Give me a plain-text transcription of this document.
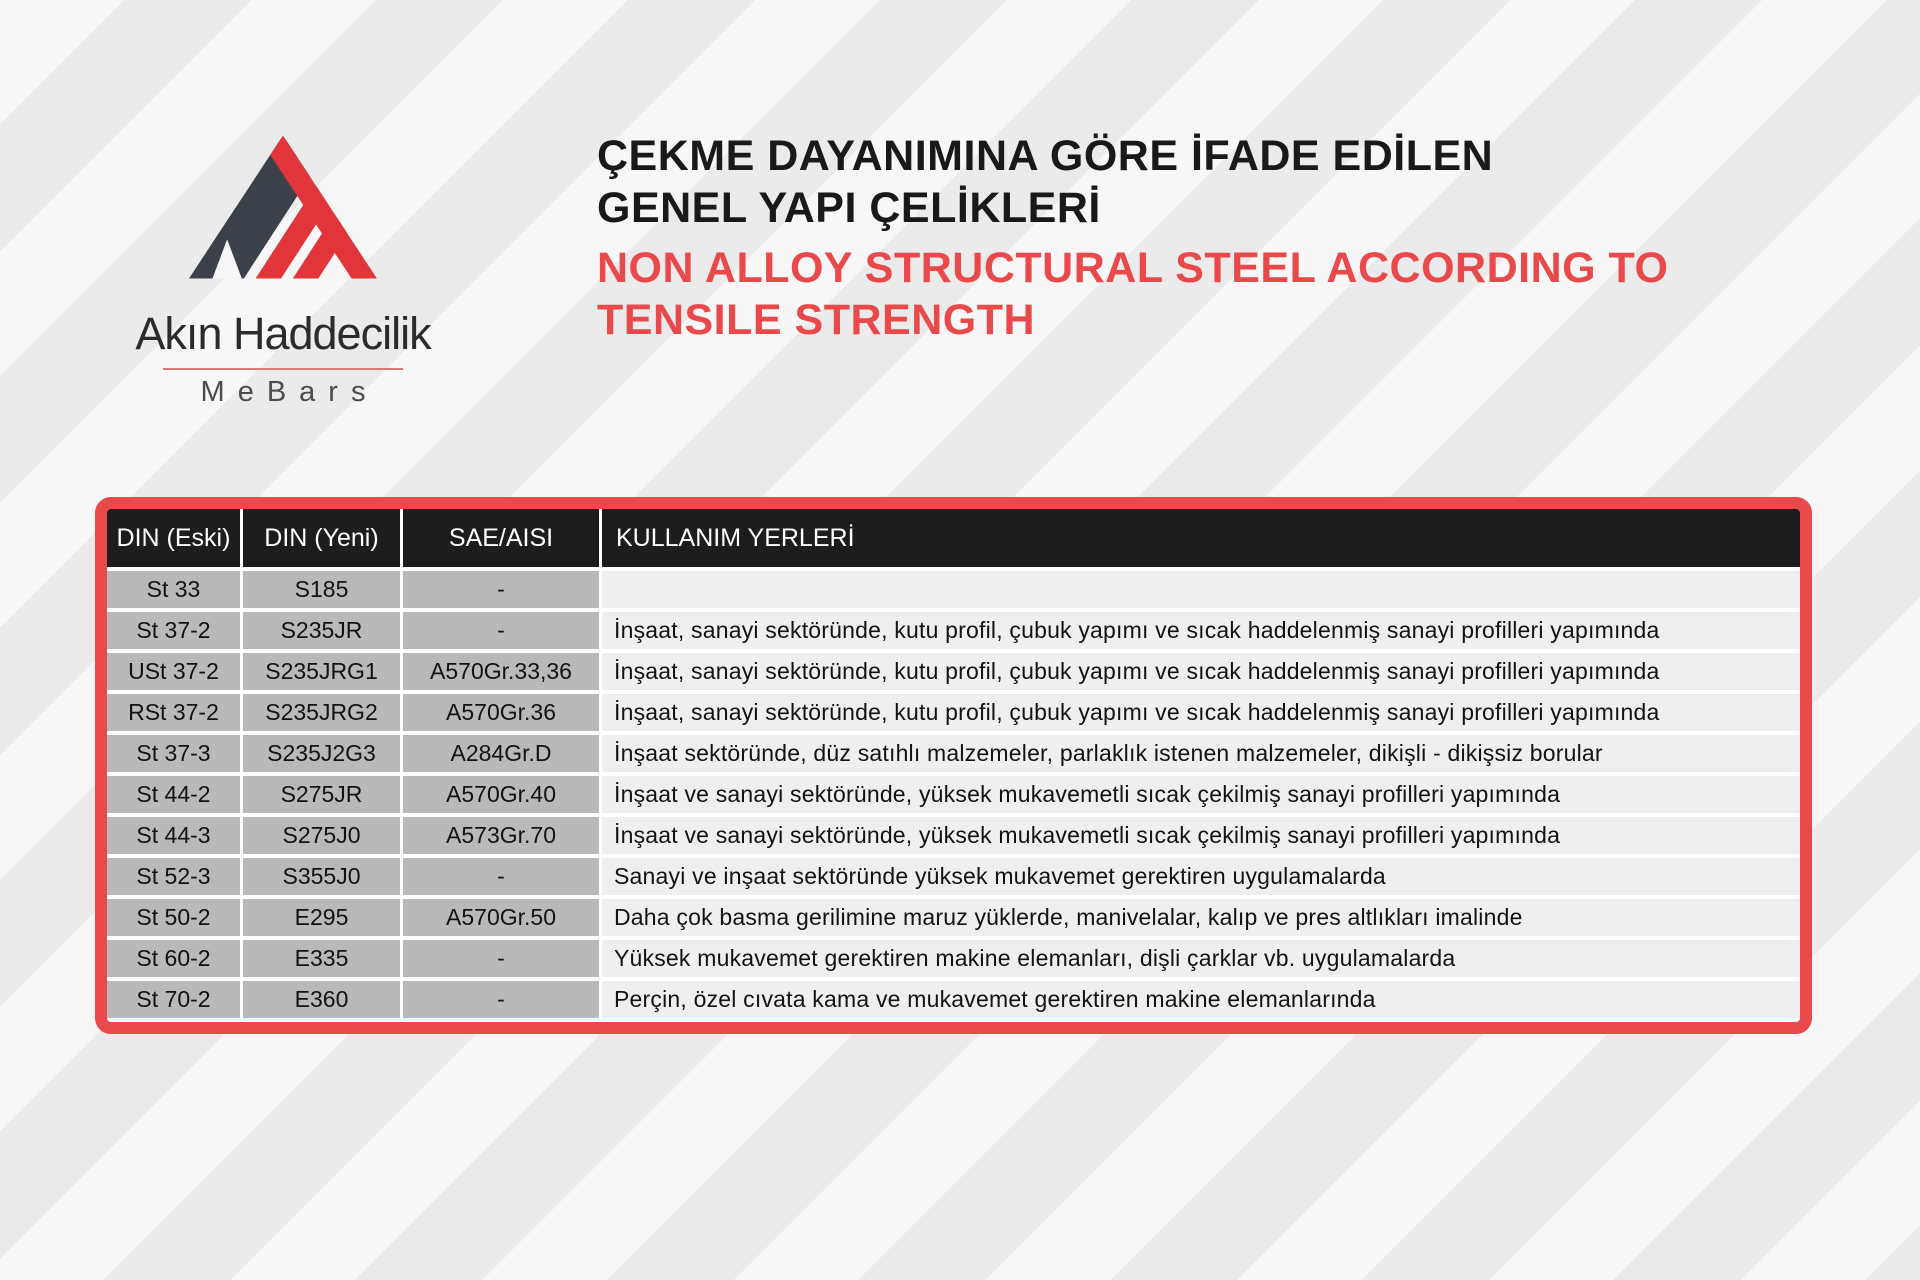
Akın Haddecilik
MeBars
ÇEKME DAYANIMINA GÖRE İFADE EDİLEN
GENEL YAPI ÇELİKLERİ
NON ALLOY STRUCTURAL STEEL ACCORDING TO
TENSILE STRENGTH
DIN (Eski)	DIN (Yeni)	SAE/AISI	KULLANIM YERLERİ
St 33	S185	-
St 37-2	S235JR	-	İnşaat, sanayi sektöründe, kutu profil, çubuk yapımı ve sıcak haddelenmiş sanayi profilleri yapımında
USt 37-2	S235JRG1	A570Gr.33,36	İnşaat, sanayi sektöründe, kutu profil, çubuk yapımı ve sıcak haddelenmiş sanayi profilleri yapımında
RSt 37-2	S235JRG2	A570Gr.36	İnşaat, sanayi sektöründe, kutu profil, çubuk yapımı ve sıcak haddelenmiş sanayi profilleri yapımında
St 37-3	S235J2G3	A284Gr.D	İnşaat sektöründe, düz satıhlı malzemeler, parlaklık istenen malzemeler, dikişli - dikişsiz borular
St 44-2	S275JR	A570Gr.40	İnşaat ve sanayi sektöründe, yüksek mukavemetli sıcak çekilmiş sanayi profilleri yapımında
St 44-3	S275J0	A573Gr.70	İnşaat ve sanayi sektöründe, yüksek mukavemetli sıcak çekilmiş sanayi profilleri yapımında
St 52-3	S355J0	-	Sanayi ve inşaat sektöründe yüksek mukavemet gerektiren uygulamalarda
St 50-2	E295	A570Gr.50	Daha çok basma gerilimine maruz yüklerde, manivelalar, kalıp ve pres altlıkları imalinde
St 60-2	E335	-	Yüksek mukavemet gerektiren makine elemanları, dişli çarklar vb. uygulamalarda
St 70-2	E360	-	Perçin, özel cıvata kama ve mukavemet gerektiren makine elemanlarında
